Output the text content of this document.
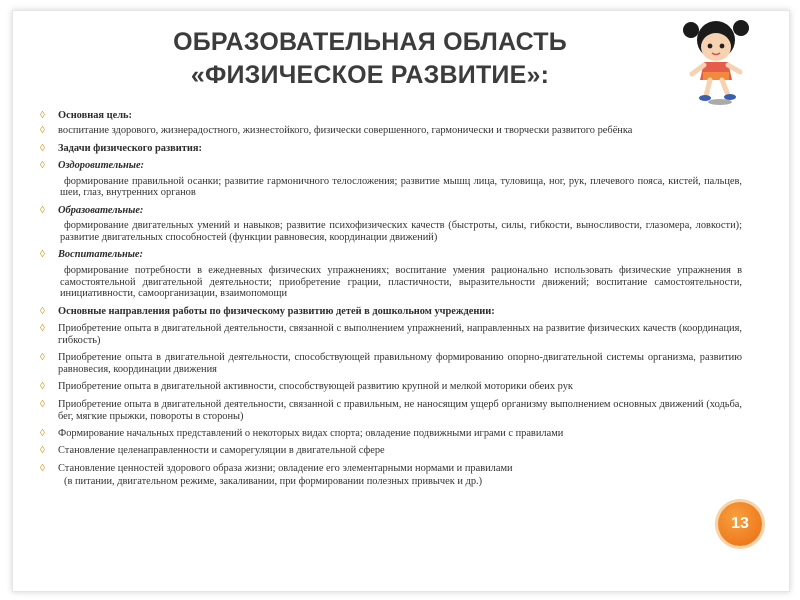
ОБРАЗОВАТЕЛЬНАЯ ОБЛАСТЬ
«ФИЗИЧЕСКОЕ РАЗВИТИЕ»:
◊ Основная цель:
◊ воспитание здорового, жизнерадостного, жизнестойкого, физически совершенного, гармонически и творчески развитого ребёнка
◊ Задачи физического развития:
◊ Оздоровительные:
формирование правильной осанки; развитие гармоничного телосложения; развитие мышц лица, туловища, ног, рук, плечевого пояса, кистей, пальцев, шеи, глаз, внутренних органов
◊ Образовательные:
формирование двигательных умений и навыков; развитие психофизических качеств (быстроты, силы, гибкости, выносливости, глазомера, ловкости); развитие двигательных способностей (функции равновесия, координации движений)
◊ Воспитательные:
формирование потребности в ежедневных физических упражнениях; воспитание умения рационально использовать физические упражнения в самостоятельной двигательной деятельности; приобретение грации, пластичности, выразительности движений; воспитание самостоятельности, инициативности, самоорганизации, взаимопомощи
◊ Основные направления работы по физическому развитию детей в дошкольном учреждении:
◊ Приобретение опыта в двигательной деятельности, связанной с выполнением упражнений, направленных на развитие физических качеств (координация, гибкость)
◊ Приобретение опыта в двигательной деятельности, способствующей правильному формированию опорно-двигательной системы организма, развитию равновесия, координации движения
◊ Приобретение опыта в двигательной активности, способствующей развитию крупной и мелкой моторики обеих рук
◊ Приобретение опыта в двигательной деятельности, связанной с правильным, не наносящим ущерб организму выполнением основных движений (ходьба, бег, мягкие прыжки, повороты в стороны)
◊ Формирование начальных представлений о некоторых видах спорта; овладение подвижными играми с правилами
◊ Становление целенаправленности и саморегуляции в двигательной сфере
◊ Становление ценностей здорового образа жизни; овладение его элементарными нормами и правилами
(в питании, двигательном режиме, закаливании, при формировании полезных привычек и др.)
13
